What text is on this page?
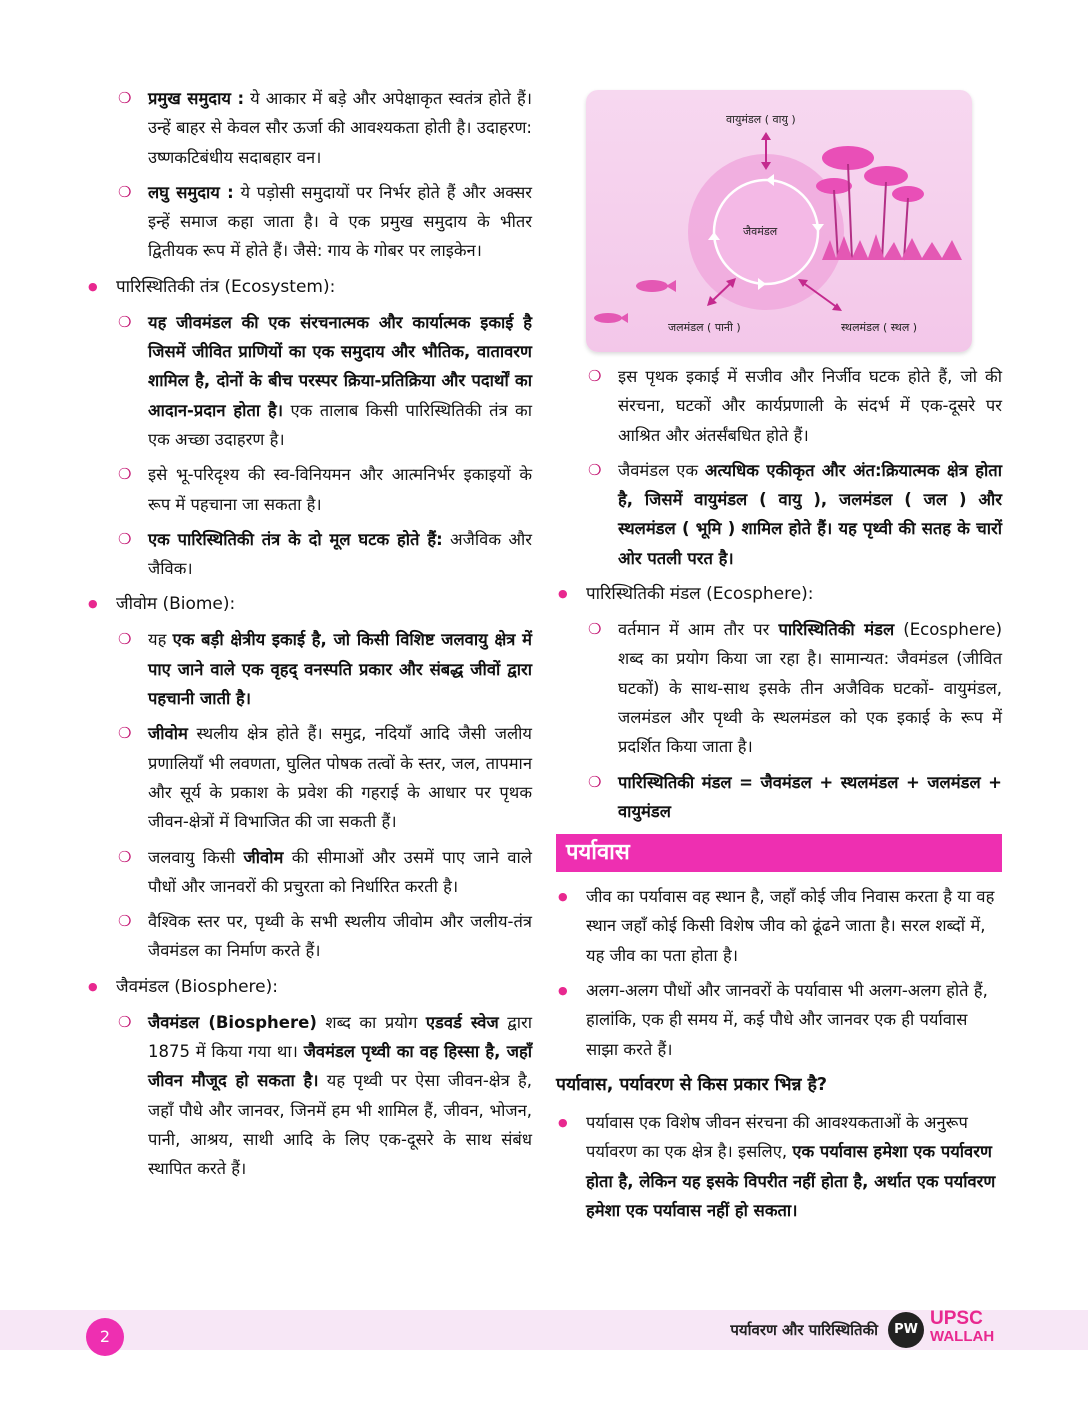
❍ प्रमुख समुदाय : ये आकार में बड़े और अपेक्षाकृत स्वतंत्र होते हैं। उन्हें बाहर से केवल सौर ऊर्जा की आवश्यकता होती है। उदाहरण: उष्णकटिबंधीय सदाबहार वन।
❍ लघु समुदाय : ये पड़ोसी समुदायों पर निर्भर होते हैं और अक्सर इन्हें समाज कहा जाता है। वे एक प्रमुख समुदाय के भीतर द्वितीयक रूप में होते हैं। जैसे: गाय के गोबर पर लाइकेन।
● पारिस्थितिकी तंत्र (Ecosystem):
❍ यह जीवमंडल की एक संरचनात्मक और कार्यात्मक इकाई है जिसमें जीवित प्राणियों का एक समुदाय और भौतिक, वातावरण शामिल है, दोनों के बीच परस्पर क्रिया-प्रतिक्रिया और पदार्थों का आदान-प्रदान होता है। एक तालाब किसी पारिस्थितिकी तंत्र का एक अच्छा उदाहरण है।
❍ इसे भू-परिदृश्य की स्व-विनियमन और आत्मनिर्भर इकाइयों के रूप में पहचाना जा सकता है।
❍ एक पारिस्थितिकी तंत्र के दो मूल घटक होते हैं: अजैविक और जैविक।
● जीवोम (Biome):
❍ यह एक बड़ी क्षेत्रीय इकाई है, जो किसी विशिष्ट जलवायु क्षेत्र में पाए जाने वाले एक वृहद् वनस्पति प्रकार और संबद्ध जीवों द्वारा पहचानी जाती है।
❍ जीवोम स्थलीय क्षेत्र होते हैं। समुद्र, नदियाँ आदि जैसी जलीय प्रणालियाँ भी लवणता, घुलित पोषक तत्वों के स्तर, जल, तापमान और सूर्य के प्रकाश के प्रवेश की गहराई के आधार पर पृथक जीवन-क्षेत्रों में विभाजित की जा सकती हैं।
❍ जलवायु किसी जीवोम की सीमाओं और उसमें पाए जाने वाले पौधों और जानवरों की प्रचुरता को निर्धारित करती है।
❍ वैश्विक स्तर पर, पृथ्वी के सभी स्थलीय जीवोम और जलीय-तंत्र जैवमंडल का निर्माण करते हैं।
● जैवमंडल (Biosphere):
❍ जैवमंडल (Biosphere) शब्द का प्रयोग एडवर्ड स्वेज द्वारा 1875 में किया गया था। जैवमंडल पृथ्वी का वह हिस्सा है, जहाँ जीवन मौजूद हो सकता है। यह पृथ्वी पर ऐसा जीवन-क्षेत्र है, जहाँ पौधे और जानवर, जिनमें हम भी शामिल हैं, जीवन, भोजन, पानी, आश्रय, साथी आदि के लिए एक-दूसरे के साथ संबंध स्थापित करते हैं।
वायुमंडल ( वायु )
जैवमंडल
जलमंडल ( पानी )	स्थलमंडल ( स्थल )
❍ इस पृथक इकाई में सजीव और निर्जीव घटक होते हैं, जो की संरचना, घटकों और कार्यप्रणाली के संदर्भ में एक-दूसरे पर आश्रित और अंतर्संबधित होते हैं।
❍ जैवमंडल एक अत्यधिक एकीकृत और अंत:क्रियात्मक क्षेत्र होता है, जिसमें वायुमंडल ( वायु ), जलमंडल ( जल ) और स्थलमंडल ( भूमि ) शामिल होते हैं। यह पृथ्वी की सतह के चारों ओर पतली परत है।
● पारिस्थितिकी मंडल (Ecosphere):
❍ वर्तमान में आम तौर पर पारिस्थितिकी मंडल (Ecosphere) शब्द का प्रयोग किया जा रहा है। सामान्यत: जैवमंडल (जीवित घटकों) के साथ-साथ इसके तीन अजैविक घटकों- वायुमंडल, जलमंडल और पृथ्वी के स्थलमंडल को एक इकाई के रूप में प्रदर्शित किया जाता है।
❍ पारिस्थितिकी मंडल = जैवमंडल + स्थलमंडल + जलमंडल + वायुमंडल
पर्यावास
● जीव का पर्यावास वह स्थान है, जहाँ कोई जीव निवास करता है या वह स्थान जहाँ कोई किसी विशेष जीव को ढूंढने जाता है। सरल शब्दों में, यह जीव का पता होता है।
● अलग-अलग पौधों और जानवरों के पर्यावास भी अलग-अलग होते हैं, हालांकि, एक ही समय में, कई पौधे और जानवर एक ही पर्यावास साझा करते हैं।
पर्यावास, पर्यावरण से किस प्रकार भिन्न है?
● पर्यावास एक विशेष जीवन संरचना की आवश्यकताओं के अनुरूप पर्यावरण का एक क्षेत्र है। इसलिए, एक पर्यावास हमेशा एक पर्यावरण होता है, लेकिन यह इसके विपरीत नहीं होता है, अर्थात एक पर्यावरण हमेशा एक पर्यावास नहीं हो सकता।
2	पर्यावरण और पारिस्थितिकी	PW
UPSC
WALLAH
